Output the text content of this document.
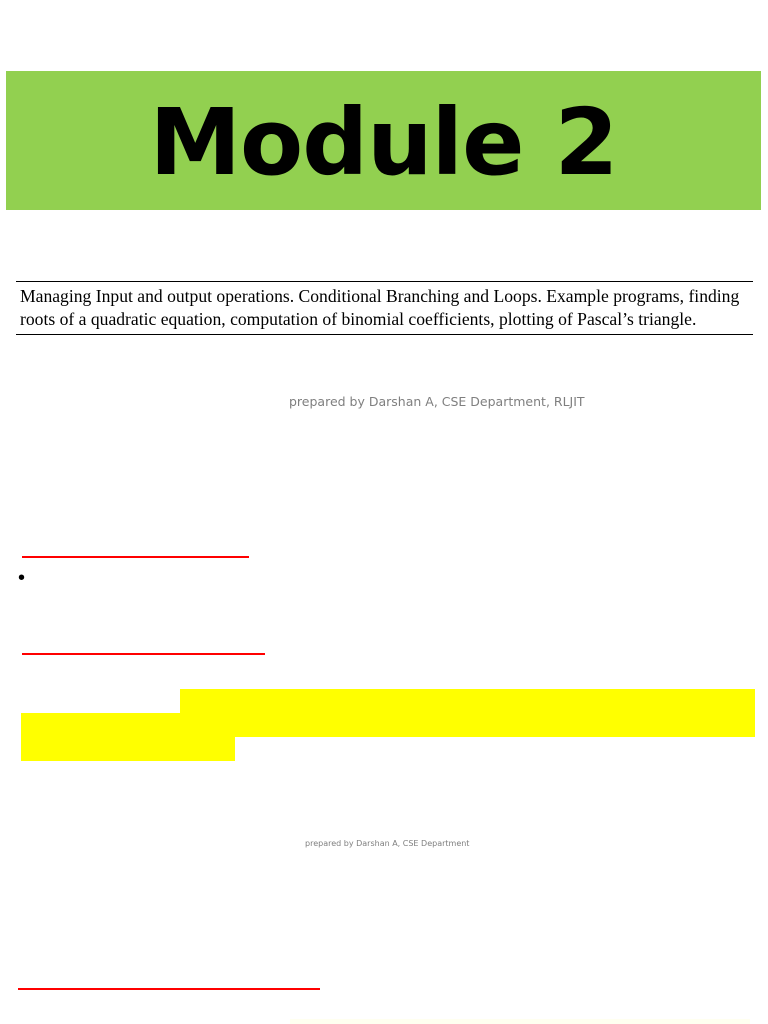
Module 2
Managing Input and output operations. Conditional Branching and Loops. Example programs, finding roots of a quadratic equation, computation of binomial coefficients, plotting of Pascal’s triangle.
prepared by Darshan A, CSE Department, RLJIT
•
prepared by Darshan A, CSE Department
